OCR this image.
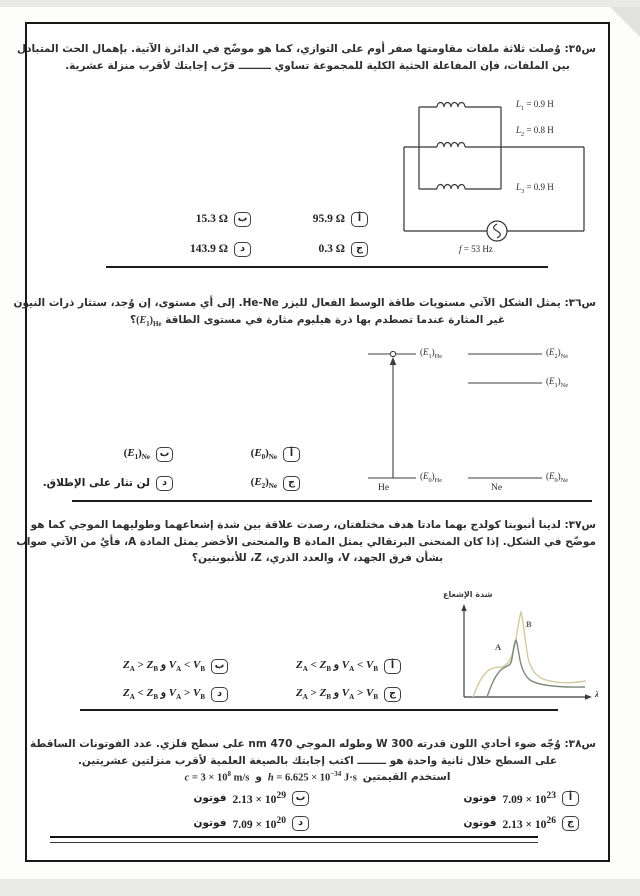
س٣٥: وُصلت ثلاثة ملفات مقاومتها صفر أوم على التوازي، كما هو موضّح في الدائرة الآتية. بإهمال الحث المتبادل
بين الملفات، فإن المفاعلة الحثية الكلية للمجموعة تساوي ـــــــــ قرّب إجابتك لأقرب منزلة عشرية.
$L_1 = 0.9$ H
$L_2 = 0.8$ H
$L_3 = 0.9$ H
f = 53 Hz
أ
95.9 Ω
ب
15.3 Ω
ج
0.3 Ω
د
143.9 Ω
س٣٦: يمثل الشكل الآتي مستويات طاقة الوسط الفعال لليزر He-Ne. إلى أي مستوى، إن وُجد، ستثار ذرات النيون
غير المثارة عندما تصطدم بها ذرة هيليوم مثارة في مستوى الطاقة $(E_1)_{He}؟$
$(E_1)_{He}$
$(E_0)_{He}$
He
$(E_2)_{Ne}$
$(E_1)_{Ne}$
$(E_0)_{Ne}$
Ne
أ
$(E_0)_{Ne}$
ب
$(E_1)_{Ne}$
ج
$(E_2)_{Ne}$
د
لن تثار على الإطلاق.
س٣٧: لدينا أنبوبتا كولدج بهما مادتا هدف مختلفتان، رصدت علاقة بين شدة إشعاعهما وطوليهما الموجي كما هو
موضّح في الشكل. إذا كان المنحنى البرتقالي يمثل المادة B والمنحنى الأخضر يمثل المادة A، فأيٌ من الآتي صواب
بشأن فرق الجهد، V، والعدد الذري، Z، للأنبوبتين؟
شدة الإشعاع
A
B
λ
أ
$Z_A < Z_B$ و $V_A < V_B$
ب
$Z_A > Z_B$ و $V_A < V_B$
ج
$Z_A > Z_B$ و $V_A > V_B$
د
$Z_A < Z_B$ و $V_A > V_B$
س٣٨: وُجّه ضوء أحادي اللون قدرته 300 W وطوله الموجي 470 nm على سطح فلزي. عدد الفوتونات الساقطة
على السطح خلال ثانية واحدة هو ــــــــ اكتب إجابتك بالصيغة العلمية لأقرب منزلتين عشريتين.
استخدم القيمتين
$h = 6.625 \times 10^{-34}$ J·s
و
$c = 3 \times 10^8$ m/s
أ
$7.09 \times 10^{23}$
فوتون
ب
$2.13 \times 10^{29}$
فوتون
ج
$2.13 \times 10^{26}$
فوتون
د
$7.09 \times 10^{20}$
فوتون
